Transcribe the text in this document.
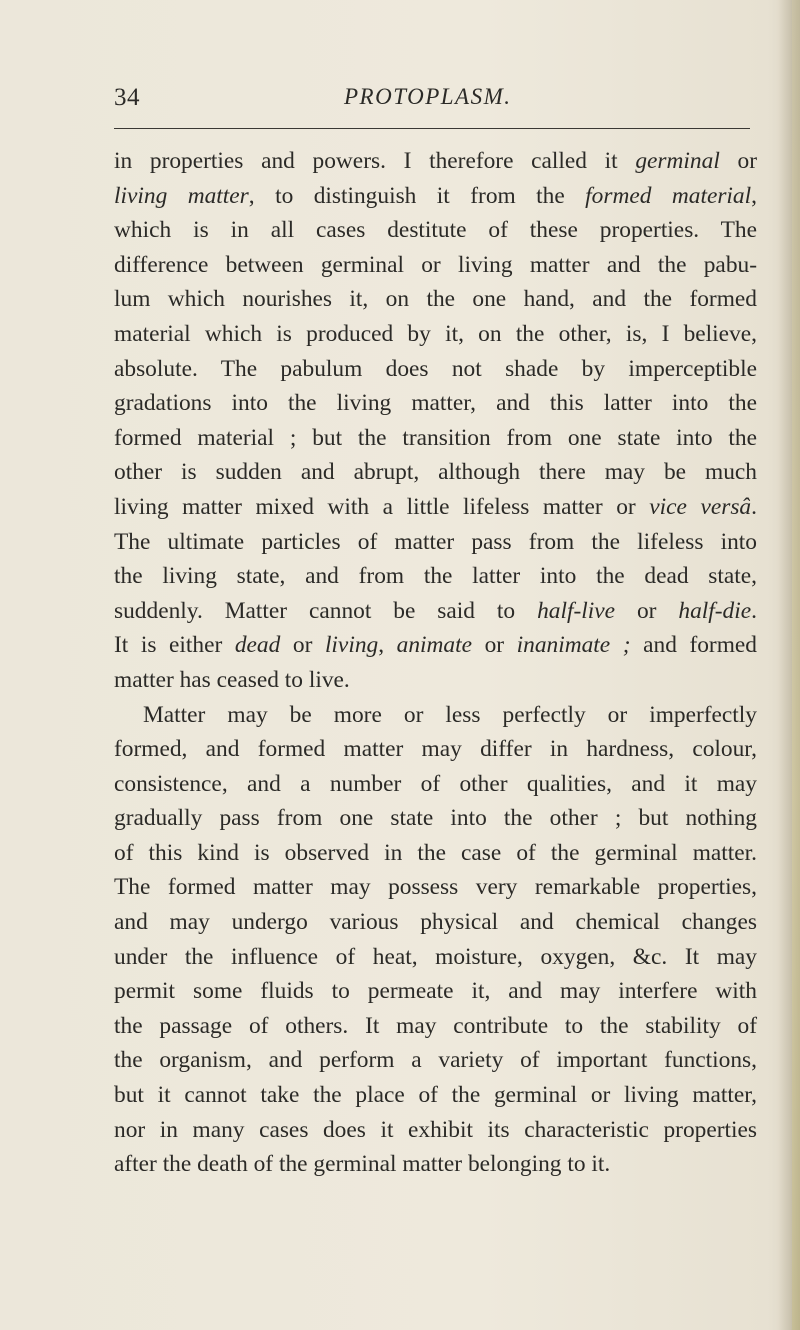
34	PROTOPLASM.
in properties and powers. I therefore called it germinal or
living matter, to distinguish it from the formed material,
which is in all cases destitute of these properties. The
difference between germinal or living matter and the pabu-
lum which nourishes it, on the one hand, and the formed
material which is produced by it, on the other, is, I believe,
absolute. The pabulum does not shade by imperceptible
gradations into the living matter, and this latter into the
formed material ; but the transition from one state into the
other is sudden and abrupt, although there may be much
living matter mixed with a little lifeless matter or vice versâ.
The ultimate particles of matter pass from the lifeless into
the living state, and from the latter into the dead state,
suddenly. Matter cannot be said to half-live or half-die.
It is either dead or living, animate or inanimate ; and formed
matter has ceased to live.
Matter may be more or less perfectly or imperfectly
formed, and formed matter may differ in hardness, colour,
consistence, and a number of other qualities, and it may
gradually pass from one state into the other ; but nothing
of this kind is observed in the case of the germinal matter.
The formed matter may possess very remarkable properties,
and may undergo various physical and chemical changes
under the influence of heat, moisture, oxygen, &c. It may
permit some fluids to permeate it, and may interfere with
the passage of others. It may contribute to the stability of
the organism, and perform a variety of important functions,
but it cannot take the place of the germinal or living matter,
nor in many cases does it exhibit its characteristic properties
after the death of the germinal matter belonging to it.
